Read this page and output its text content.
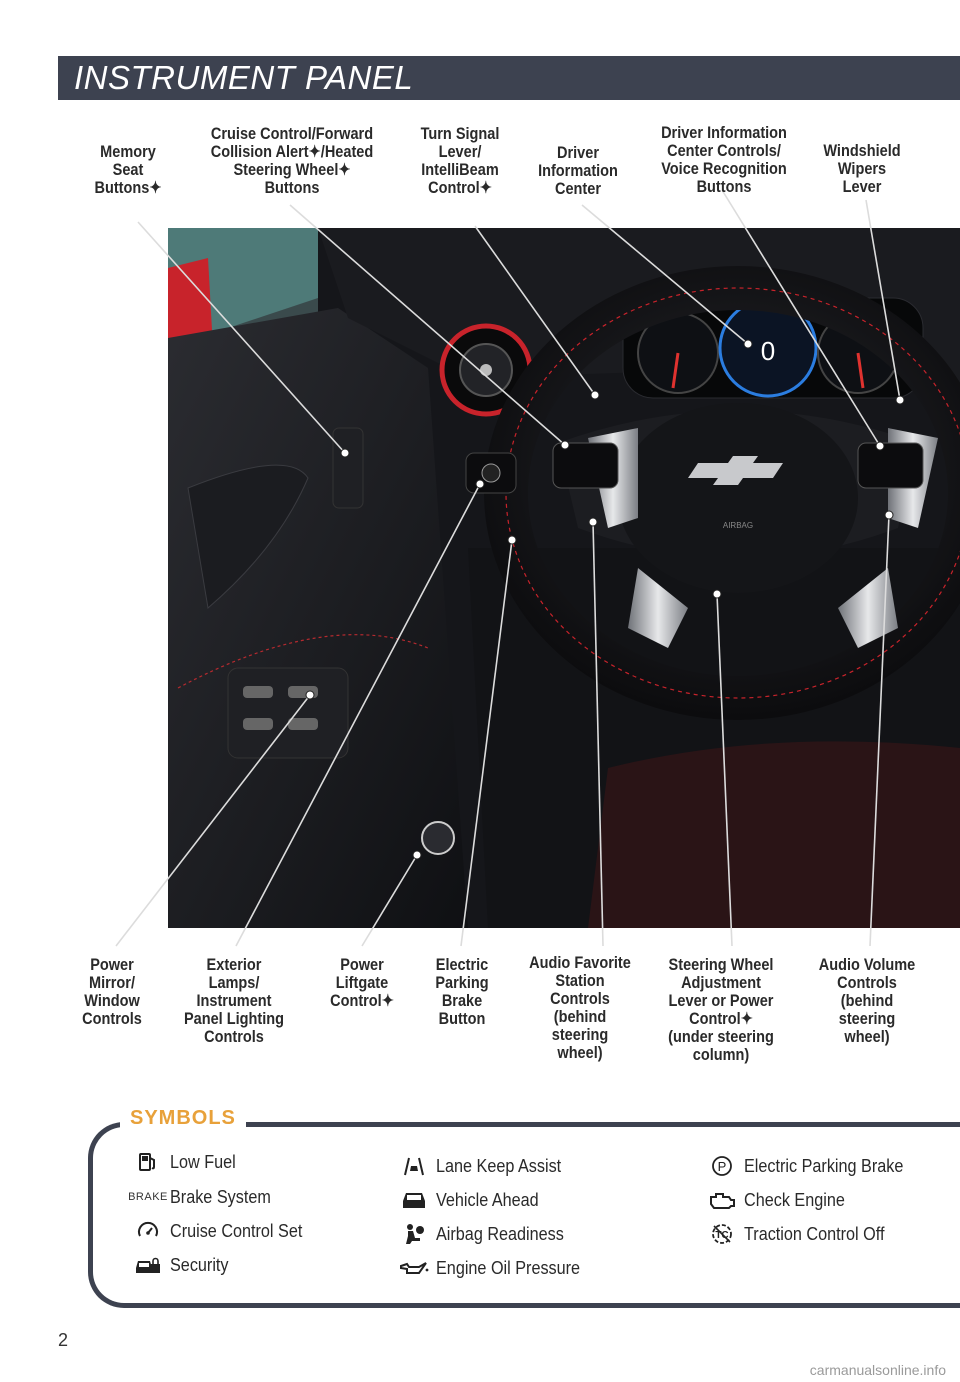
INSTRUMENT PANEL
0
AIRBAG
Memory
Seat
Buttons✦
Cruise Control/Forward
Collision Alert✦/Heated
Steering Wheel✦
Buttons
Turn Signal
Lever/
IntelliBeam
Control✦
Driver
Information
Center
Driver Information
Center Controls/
Voice Recognition
Buttons
Windshield
Wipers
Lever
Power
Mirror/
Window
Controls
Exterior
Lamps/
Instrument
Panel Lighting
Controls
Power
Liftgate
Control✦
Electric
Parking
Brake
Button
Audio Favorite
Station
Controls
(behind
steering
wheel)
Steering Wheel
Adjustment
Lever or Power
Control✦
(under steering
column)
Audio Volume
Controls
(behind
steering
wheel)
SYMBOLS
Low Fuel
BRAKE Brake System
Cruise Control Set
Security
Lane Keep Assist
Vehicle Ahead
Airbag Readiness
Engine Oil Pressure
P Electric Parking Brake
Check Engine
TC Traction Control Off
2
carmanualsonline.info
